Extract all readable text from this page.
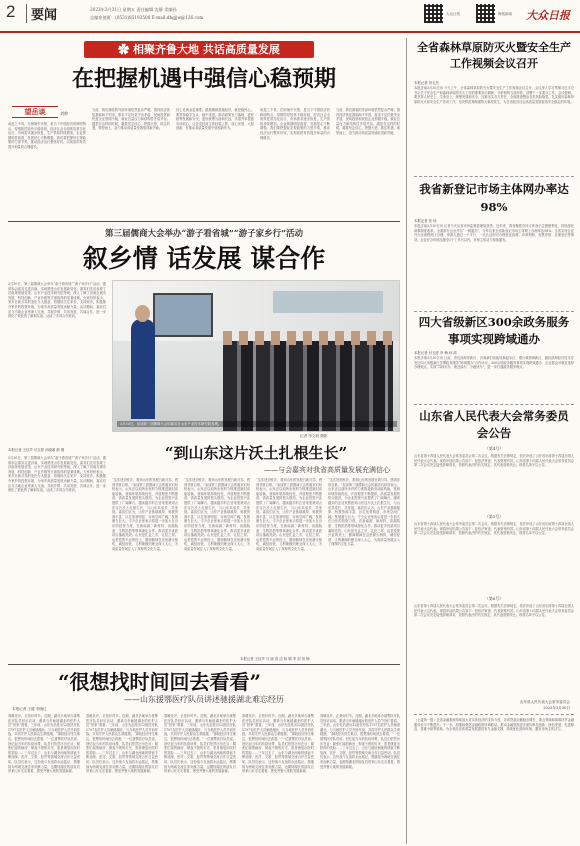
2	要闻	2023年3月31日 星期五 责任编辑 沈静 美编孙
总编室值班：(0531)85193500 E-mail:dbgjjw@126.com
大众日报	海报新闻 大众日报
✿ 相聚齐鲁大地 共话高质量发展
在把握机遇中强信心稳预期
望岳谈	刘帅
前进之不易，在困境中突围，是当下中国经济的鲜明特点。疫情防控较快平稳转段，经济社会全面恢复常态化运行，市场需求逐步恢复，生产供给持续增加，企业预期明显改善，发展信心不断增强。我们要把握好宏观政策的力度节奏，推动经济运行整体好转，实现质的有效提升和量的合理增长。
当前，我们面临的外部环境依然复杂严峻，国内经济恢复基础尚不牢固，需求不足仍是突出矛盾，民间投资和民营企业预期不稳，就业总量压力和结构性矛盾并存。越是在这样的时候，越要坚定信心，把握大势，抓住机遇，乘势而上，奋力推动高质量发展取得新突破。
信心比黄金更重要。稳预期就是稳经济，就是稳民心。要坚持稳字当头、稳中求进，推动政策发力落地，更好统筹发展和安全，更好统筹当前和长远，多措并举提振市场信心，让各类经营主体轻装上阵、放心发展、大胆创新，在推动高质量发展中展现新作为。
前进之不易，在困境中突围，是当下中国经济的鲜明特点。疫情防控较快平稳转段，经济社会全面恢复常态化运行，市场需求逐步恢复，生产供给持续增加，企业预期明显改善，发展信心不断增强。我们要把握好宏观政策的力度节奏，推动经济运行整体好转，实现质的有效提升和量的合理增长。
当前，我们面临的外部环境依然复杂严峻，国内经济恢复基础尚不牢固，需求不足仍是突出矛盾，民间投资和民营企业预期不稳，就业总量压力和结构性矛盾并存。越是在这样的时候，越要坚定信心，把握大势，抓住机遇，乘势而上，奋力推动高质量发展取得新突破。
第三届儒商大会举办“游子看省城”“游子家乡行”活动
叙乡情 话发展 谋合作
3月30日，第三届儒商大会举办“游子看省城”“游子家乡行”活动，邀请参会嘉宾走进济南，实地感受山东发展新变化。嘉宾们先后参观了济南规划展览馆、山东产业技术研究院等地，深入了解了济南在城市发展、科技创新、产业升级等方面取得的显著成就。大家纷纷表示，家乡日新月异的变化令人振奋，将继续关注家乡、支持家乡，积极推介家乡的投资环境，为家乡高质量发展贡献力量。活动期间，嘉宾们还与当地企业家深入交流，共叙乡情、共话发展、共谋合作，进一步深化了彼此的了解和友谊，达成了多项合作意向。
3月30日，参加第三届儒商大会的嘉宾在山东产业技术研究院参观。
记者 李文凯 摄影
本报记者 王佳声 付玉婷 孙晓丽 薛 刚	“到山东这片沃土扎根生长”
——与会嘉宾对我省高质量发展充满信心
3月30日，第三届儒商大会举办“游子看省城”“游子家乡行”活动，邀请参会嘉宾走进济南，实地感受山东发展新变化。嘉宾们先后参观了济南规划展览馆、山东产业技术研究院等地，深入了解了济南在城市发展、科技创新、产业升级等方面取得的显著成就。大家纷纷表示，家乡日新月异的变化令人振奋，将继续关注家乡、支持家乡，积极推介家乡的投资环境，为家乡高质量发展贡献力量。活动期间，嘉宾们还与当地企业家深入交流，共叙乡情、共话发展、共谋合作，进一步深化了彼此的了解和友谊，达成了多项合作意向。
“这次回到家乡，看到山东的发展日新月异，感到非常自豪。”参加第三届儒商大会的嘉宾们纷纷表示，山东正以前所未有的力度推进新旧动能转换，营商环境持续优化，开放程度不断提高，高质量发展的势头强劲，为企业投资兴业提供了广阔舞台。越来越多的企业家愿意到山东这片沃土扎根生长，与山东共成长、共发展。嘉宾们认为，山东产业基础雄厚、科教资源丰富、区位优势明显、市场空间广阔，发展潜力巨大。不少企业家表示将进一步加大在山东的投资力度，在新能源、新材料、高端装备、生物医药等领域深化合作，推动更多优质项目落地见效。山东是孔孟之乡、礼仪之邦，也是投资兴业的热土，儒商精神在这里薪火相传，诚信经营、义利兼顾的理念深入人心，为高质量发展注入了深厚的文化力量。
“这次回到家乡，看到山东的发展日新月异，感到非常自豪。”参加第三届儒商大会的嘉宾们纷纷表示，山东正以前所未有的力度推进新旧动能转换，营商环境持续优化，开放程度不断提高，高质量发展的势头强劲，为企业投资兴业提供了广阔舞台。越来越多的企业家愿意到山东这片沃土扎根生长，与山东共成长、共发展。嘉宾们认为，山东产业基础雄厚、科教资源丰富、区位优势明显、市场空间广阔，发展潜力巨大。不少企业家表示将进一步加大在山东的投资力度，在新能源、新材料、高端装备、生物医药等领域深化合作，推动更多优质项目落地见效。山东是孔孟之乡、礼仪之邦，也是投资兴业的热土，儒商精神在这里薪火相传，诚信经营、义利兼顾的理念深入人心，为高质量发展注入了深厚的文化力量。
“这次回到家乡，看到山东的发展日新月异，感到非常自豪。”参加第三届儒商大会的嘉宾们纷纷表示，山东正以前所未有的力度推进新旧动能转换，营商环境持续优化，开放程度不断提高，高质量发展的势头强劲，为企业投资兴业提供了广阔舞台。越来越多的企业家愿意到山东这片沃土扎根生长，与山东共成长、共发展。嘉宾们认为，山东产业基础雄厚、科教资源丰富、区位优势明显、市场空间广阔，发展潜力巨大。不少企业家表示将进一步加大在山东的投资力度，在新能源、新材料、高端装备、生物医药等领域深化合作，推动更多优质项目落地见效。山东是孔孟之乡、礼仪之邦，也是投资兴业的热土，儒商精神在这里薪火相传，诚信经营、义利兼顾的理念深入人心，为高质量发展注入了深厚的文化力量。
“这次回到家乡，看到山东的发展日新月异，感到非常自豪。”参加第三届儒商大会的嘉宾们纷纷表示，山东正以前所未有的力度推进新旧动能转换，营商环境持续优化，开放程度不断提高，高质量发展的势头强劲，为企业投资兴业提供了广阔舞台。越来越多的企业家愿意到山东这片沃土扎根生长，与山东共成长、共发展。嘉宾们认为，山东产业基础雄厚、科教资源丰富、区位优势明显、市场空间广阔，发展潜力巨大。不少企业家表示将进一步加大在山东的投资力度，在新能源、新材料、高端装备、生物医药等领域深化合作，推动更多优质项目落地见效。山东是孔孟之乡、礼仪之邦，也是投资兴业的热土，儒商精神在这里薪火相传，诚信经营、义利兼顾的理念深入人心，为高质量发展注入了深厚的文化力量。
本报记者 王佳声 马 晓 高 洁 杨 晴 李 剑 刘 畅
“很想找时间回去看看”
——山东援鄂医疗队员讲述驰援湖北难忘经历
本报记者 王健 李晓红
春暖花开，正是好时节。近期，湖北多地举办援鄂医疗队员回访活动，邀请当年驰援湖北的医护人员“回家”看看。三年前，山东先后派出12批医疗队1797名医护人员驰援湖北，与当地医护人员并肩作战，共同守护人民群众生命健康。“那段经历终生难忘，很想找时间回去看看。”一位援鄂医疗队员说。回忆起当年的抗疫场景，队员们依然历历在目：紧张忙碌的病房、彻夜不熄的灯光、患者康复出院时的笑脸……三年过去了，山东与湖北两地的情谊不断加深，医疗、文旅、经贸等领域交流合作日益密切。队员们表示，这份战斗友谊将永远铭记，愿继续为两地交流往来贡献力量，也期待湖北的朋友们常来山东走走看看，感受齐鲁大地的发展新貌。
春暖花开，正是好时节。近期，湖北多地举办援鄂医疗队员回访活动，邀请当年驰援湖北的医护人员“回家”看看。三年前，山东先后派出12批医疗队1797名医护人员驰援湖北，与当地医护人员并肩作战，共同守护人民群众生命健康。“那段经历终生难忘，很想找时间回去看看。”一位援鄂医疗队员说。回忆起当年的抗疫场景，队员们依然历历在目：紧张忙碌的病房、彻夜不熄的灯光、患者康复出院时的笑脸……三年过去了，山东与湖北两地的情谊不断加深，医疗、文旅、经贸等领域交流合作日益密切。队员们表示，这份战斗友谊将永远铭记，愿继续为两地交流往来贡献力量，也期待湖北的朋友们常来山东走走看看，感受齐鲁大地的发展新貌。
春暖花开，正是好时节。近期，湖北多地举办援鄂医疗队员回访活动，邀请当年驰援湖北的医护人员“回家”看看。三年前，山东先后派出12批医疗队1797名医护人员驰援湖北，与当地医护人员并肩作战，共同守护人民群众生命健康。“那段经历终生难忘，很想找时间回去看看。”一位援鄂医疗队员说。回忆起当年的抗疫场景，队员们依然历历在目：紧张忙碌的病房、彻夜不熄的灯光、患者康复出院时的笑脸……三年过去了，山东与湖北两地的情谊不断加深，医疗、文旅、经贸等领域交流合作日益密切。队员们表示，这份战斗友谊将永远铭记，愿继续为两地交流往来贡献力量，也期待湖北的朋友们常来山东走走看看，感受齐鲁大地的发展新貌。
春暖花开，正是好时节。近期，湖北多地举办援鄂医疗队员回访活动，邀请当年驰援湖北的医护人员“回家”看看。三年前，山东先后派出12批医疗队1797名医护人员驰援湖北，与当地医护人员并肩作战，共同守护人民群众生命健康。“那段经历终生难忘，很想找时间回去看看。”一位援鄂医疗队员说。回忆起当年的抗疫场景，队员们依然历历在目：紧张忙碌的病房、彻夜不熄的灯光、患者康复出院时的笑脸……三年过去了，山东与湖北两地的情谊不断加深，医疗、文旅、经贸等领域交流合作日益密切。队员们表示，这份战斗友谊将永远铭记，愿继续为两地交流往来贡献力量，也期待湖北的朋友们常来山东走走看看，感受齐鲁大地的发展新貌。
春暖花开，正是好时节。近期，湖北多地举办援鄂医疗队员回访活动，邀请当年驰援湖北的医护人员“回家”看看。三年前，山东先后派出12批医疗队1797名医护人员驰援湖北，与当地医护人员并肩作战，共同守护人民群众生命健康。“那段经历终生难忘，很想找时间回去看看。”一位援鄂医疗队员说。回忆起当年的抗疫场景，队员们依然历历在目：紧张忙碌的病房、彻夜不熄的灯光、患者康复出院时的笑脸……三年过去了，山东与湖北两地的情谊不断加深，医疗、文旅、经贸等领域交流合作日益密切。队员们表示，这份战斗友谊将永远铭记，愿继续为两地交流往来贡献力量，也期待湖北的朋友们常来山东走走看看，感受齐鲁大地的发展新貌。
全省森林草原防灭火暨安全生产工作视频会议召开
本报记者 刘玉杰
本报济南3月30日讯 今天上午，全省森林草原防灭火暨安全生产工作视频会议召开。会议深入学习贯彻习近平总书记关于安全生产和森林草原防灭火工作的重要指示精神，分析研判当前形势，部署下一步重点工作。会议强调，要坚持人民至上、生命至上，统筹发展和安全，压紧压实各方责任，全面排查整治各类风险隐患，扎实做好森林草原防灭火和安全生产各项工作，坚决防范遏制重特大事故发生，为全省经济社会高质量发展营造安全稳定的环境。
我省新登记市场主体网办率达98%
本报记者 张 杨
本报济南3月30日讯 记者今天从省市场监督管理局获悉，近年来，我省聚焦市场主体登记注册便利化，持续深化商事制度改革，全面推行企业开办“一网通办”，今年以来全省新登记市场主体网上办理率达98%。全省实现企业开办全流程网上办理，申请人通过一个平台、一次认证即可办理营业执照、印章刻制、发票申领、社保登记等事项，企业开办时间压缩至1个工作日以内，市场主体活力持续激发。
四大省级新区300余政务服务事项实现跨域通办
本报记者 付玉婷 李 梅 孙 鸿
本报济南3月30日讯 日前，青岛西海岸新区、济南新旧动能转换起步区、烟台黄渤海新区、潍坊滨海经济技术开发区四大省级新区签署政务服务“跨域通办”合作协议，300余项政务服务事项实现跨域通办，企业群众可就近选择办理地点，实现“异地可办、就近能办、少跑快办”，进一步打通政务服务堵点。
山东省人民代表大会常务委员会公告
（第4号）
山东省第十四届人民代表大会常务委员会第二次会议，根据有关法律规定，依法补选了山东省出席第十四届全国人民代表大会代表。现将补选结果公告如下：经依法审查，代表资格有效。山东省第十四届人民代表大会常务委员会第二次会议决定接受辞职请求，依照代表法的有关规定，其代表资格终止。现将名单予以公告。
（第5号）
山东省第十四届人民代表大会常务委员会第二次会议，根据有关法律规定，依法补选了山东省出席第十四届全国人民代表大会代表。现将补选结果公告如下：经依法审查，代表资格有效。山东省第十四届人民代表大会常务委员会第二次会议决定接受辞职请求，依照代表法的有关规定，其代表资格终止。现将名单予以公告。
（第6号）
山东省第十四届人民代表大会常务委员会第二次会议，根据有关法律规定，依法补选了山东省出席第十四届全国人民代表大会代表。现将补选结果公告如下：经依法审查，代表资格有效。山东省第十四届人民代表大会常务委员会第二次会议决定接受辞职请求，依照代表法的有关规定，其代表资格终止。现将名单予以公告。
山东省人民代表大会常务委员会
2023年3月30日
（上接第一版）全省金融系统持续加大对实体经济的支持力度，各项贷款余额稳步增长，重点领域和薄弱环节金融服务水平不断提升。下一步，将继续强化金融政策协调联动，推动金融资源更多流向科技创新、绿色发展、先进制造、普惠小微等领域，为全省经济高质量发展提供有力金融支撑，持续优化营商环境，激发市场主体活力。
